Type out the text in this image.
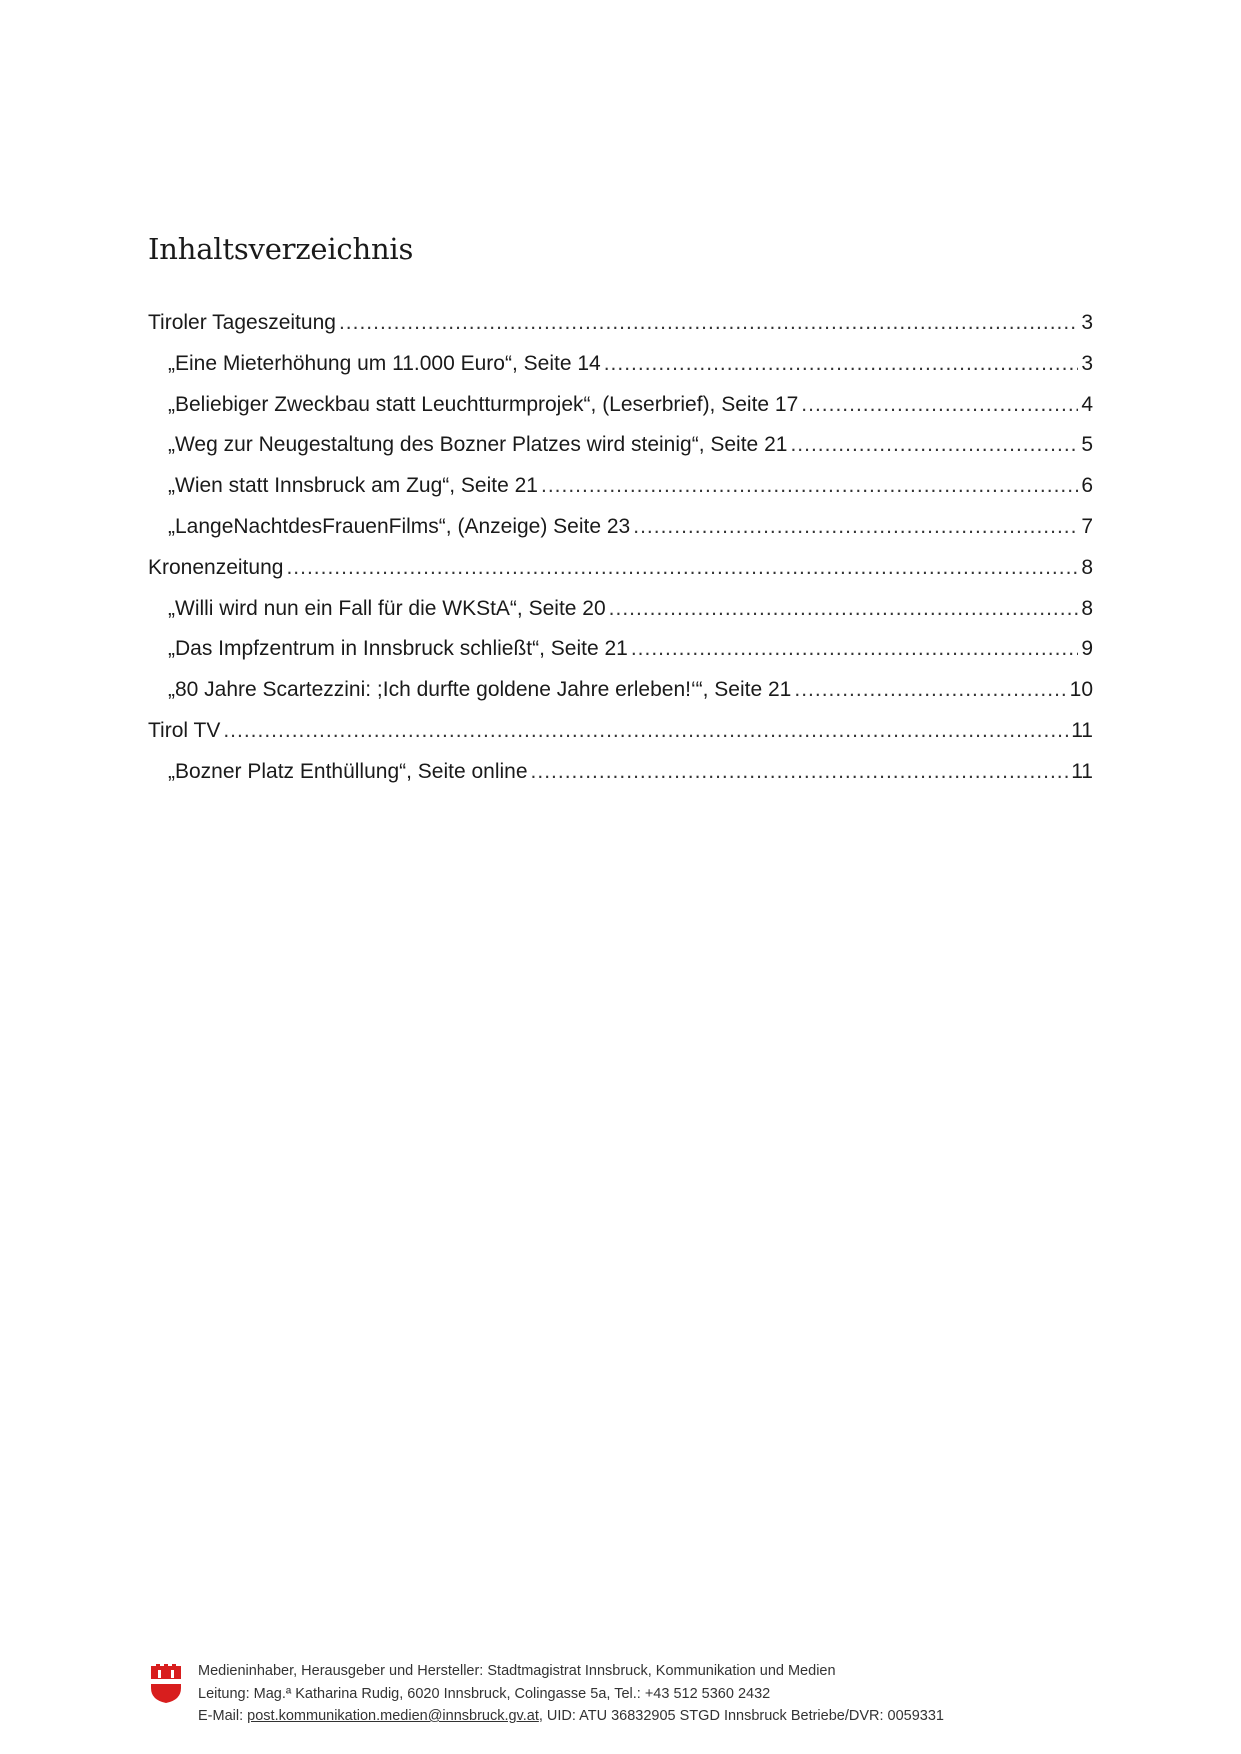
Inhaltsverzeichnis
Tiroler Tageszeitung .....	3
„Eine Mieterhöhung um 11.000 Euro“, Seite 14 .....	3
„Beliebiger Zweckbau statt Leuchtturmprojek“, (Leserbrief), Seite 17 .....	4
„Weg zur Neugestaltung des Bozner Platzes wird steinig“, Seite 21 .....	5
„Wien statt Innsbruck am Zug“, Seite 21 .....	6
„LangeNachtdesFrauenFilms“, (Anzeige) Seite 23 .....	7
Kronenzeitung .....	8
„Willi wird nun ein Fall für die WKStA“, Seite 20 .....	8
„Das Impfzentrum in Innsbruck schließt“, Seite 21 .....	9
„80 Jahre Scartezzini: ;Ich durfte goldene Jahre erleben!‘“, Seite 21 .....	10
Tirol TV .....	11
„Bozner Platz Enthüllung“, Seite online .....	11
Medieninhaber, Herausgeber und Hersteller: Stadtmagistrat Innsbruck, Kommunikation und Medien
Leitung: Mag.ª Katharina Rudig, 6020 Innsbruck, Colingasse 5a, Tel.: +43 512 5360 2432
E-Mail: post.kommunikation.medien@innsbruck.gv.at, UID: ATU 36832905 STGD Innsbruck Betriebe/DVR: 0059331
